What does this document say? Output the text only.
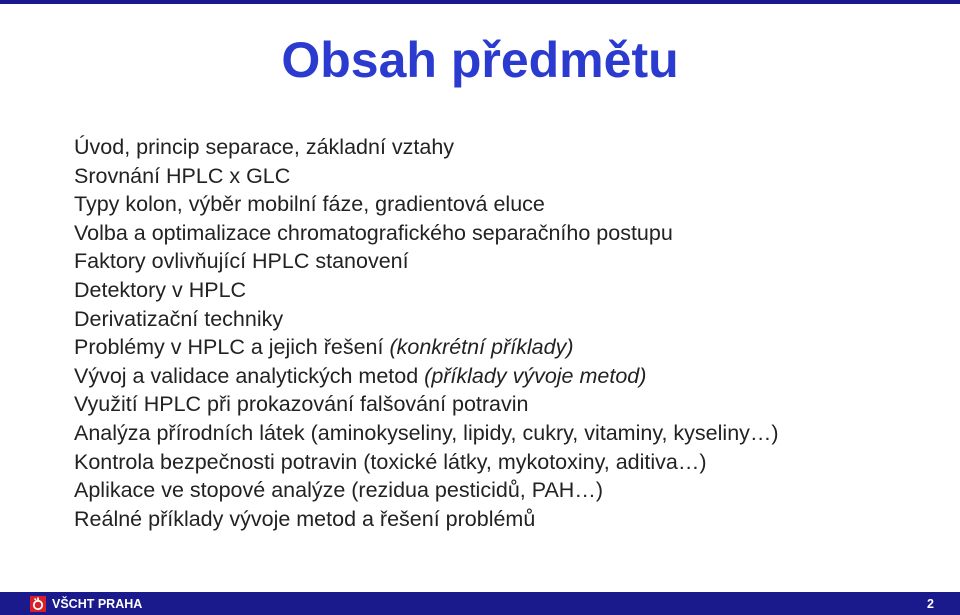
Obsah předmětu
Úvod, princip separace, základní vztahy
Srovnání HPLC x GLC
Typy kolon, výběr mobilní fáze, gradientová eluce
Volba a optimalizace chromatografického separačního postupu
Faktory ovlivňující HPLC stanovení
Detektory v HPLC
Derivatizační techniky
Problémy v HPLC a jejich řešení (konkrétní příklady)
Vývoj a validace analytických metod (příklady vývoje metod)
Využití HPLC při prokazování falšování potravin
Analýza přírodních látek (aminokyseliny, lipidy, cukry, vitaminy, kyseliny…)
Kontrola bezpečnosti potravin (toxické látky, mykotoxiny, aditiva…)
Aplikace ve stopové analýze (rezidua pesticidů, PAH…)
Reálné příklady vývoje metod a řešení problémů
VŠCHT PRAHA	2
